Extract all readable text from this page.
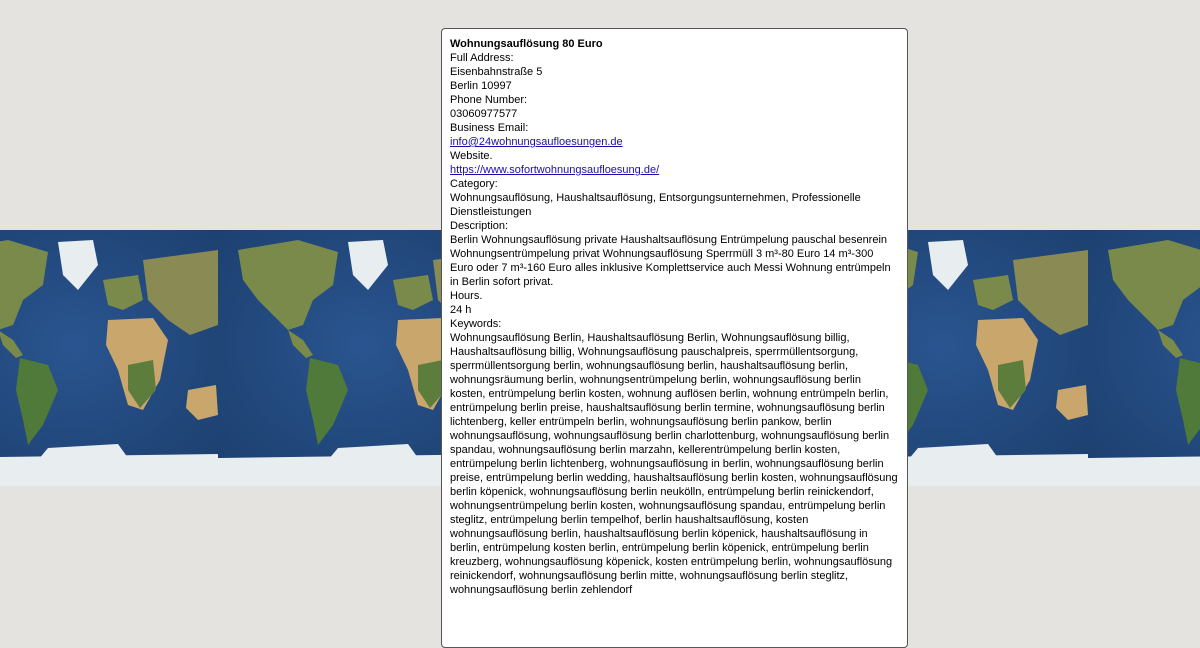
Wohnungsauflösung 80 Euro
Full Address:
Eisenbahnstraße 5
Berlin 10997
Phone Number:
03060977577
Business Email:
info@24wohnungsaufloesungen.de
Website.
https://www.sofortwohnungsaufloesung.de/
Category:
Wohnungsauflösung, Haushaltsauflösung, Entsorgungsunternehmen, Professionelle Dienstleistungen
Description:
Berlin Wohnungsauflösung private Haushaltsauflösung Entrümpelung pauschal besenrein Wohnungsentrümpelung privat Wohnungsauflösung Sperrmüll 3 m³-80 Euro 14 m³-300 Euro oder 7 m³-160 Euro alles inklusive Komplettservice auch Messi Wohnung entrümpeln in Berlin sofort privat.
Hours.
24 h
Keywords:
Wohnungsauflösung Berlin, Haushaltsauflösung Berlin, Wohnungsauflösung billig, Haushaltsauflösung billig, Wohnungsauflösung pauschalpreis, sperrmüllentsorgung, sperrmüllentsorgung berlin, wohnungsauflösung berlin, haushaltsauflösung berlin, wohnungsräumung berlin, wohnungsentrümpelung berlin, wohnungsauflösung berlin kosten, entrümpelung berlin kosten, wohnung auflösen berlin, wohnung entrümpeln berlin, entrümpelung berlin preise, haushaltsauflösung berlin termine, wohnungsauflösung berlin lichtenberg, keller entrümpeln berlin, wohnungsauflösung berlin pankow, berlin wohnungsauflösung, wohnungsauflösung berlin charlottenburg, wohnungsauflösung berlin spandau, wohnungsauflösung berlin marzahn, kellerentrümpelung berlin kosten, entrümpelung berlin lichtenberg, wohnungsauflösung in berlin, wohnungsauflösung berlin preise, entrümpelung berlin wedding, haushaltsauflösung berlin kosten, wohnungsauflösung berlin köpenick, wohnungsauflösung berlin neukölln, entrümpelung berlin reinickendorf, wohnungsentrümpelung berlin kosten, wohnungsauflösung spandau, entrümpelung berlin steglitz, entrümpelung berlin tempelhof, berlin haushaltsauflösung, kosten wohnungsauflösung berlin, haushaltsauflösung berlin köpenick, haushaltsauflösung in berlin, entrümpelung kosten berlin, entrümpelung berlin köpenick, entrümpelung berlin kreuzberg, wohnungsauflösung köpenick, kosten entrümpelung berlin, wohnungsauflösung reinickendorf, wohnungsauflösung berlin mitte, wohnungsauflösung berlin steglitz, wohnungsauflösung berlin zehlendorf
